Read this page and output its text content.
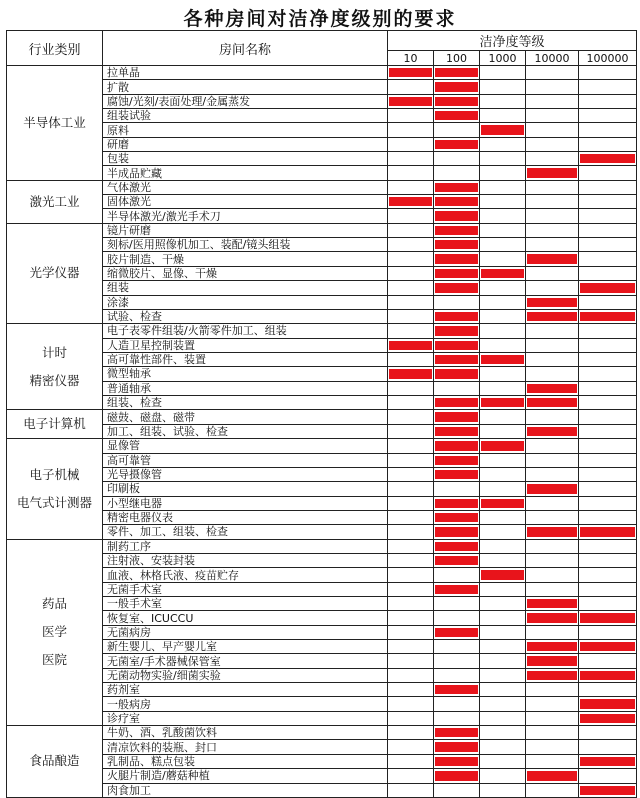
各种房间对洁净度级别的要求
行业类别	房间名称	洁净度等级				
		10	100	1000	10000	100000

半导体工业	拉单晶	

	扩散		

	腐蚀/光刻/表面处理/金属蒸发	

	组装试验		

	原料			

	研磨		

	包装					

	半成品贮藏				

激光工业	气体激光		

	固体激光	

	半导体激光/激光手术刀		

光学仪器	镜片研磨		

	刻标/医用照像机加工、装配/镜头组装		

	胶片制造、干燥		

	缩微胶片、显像、干燥		

	组装		

	涂漆				

	试验、检查		

计时
精密仪器	电子表零件组装/火箭零件加工、组装		

	人造卫星控制装置	

	高可靠性部件、装置		

	微型轴承	

	普通轴承				

	组装、检查		

电子计算机	磁鼓、磁盘、磁带		

	加工、组装、试验、检查		

电子机械
电气式计测器	显像管		

	高可靠管		

	光导摄像管		

	印刷板				

	小型继电器		

	精密电器仪表		

	零件、加工、组装、检查		

药品
医学
医院	制药工序		

	注射液、安装封装		

	血液、林格氏液、疫苗贮存			

	无菌手术室		

	一般手术室				

	恢复室、ICUCCU				

	无菌病房		

	新生婴儿、早产婴儿室				

	无菌室/手术器械保管室				

	无菌动物实验/细菌实验				

	药剂室		

	一般病房					

	诊疗室					

食品酿造	牛奶、酒、乳酸菌饮料		

	清凉饮料的装瓶、封口		

	乳制品、糕点包装		

	火腿片制造/蘑菇种植		

	肉食加工					
